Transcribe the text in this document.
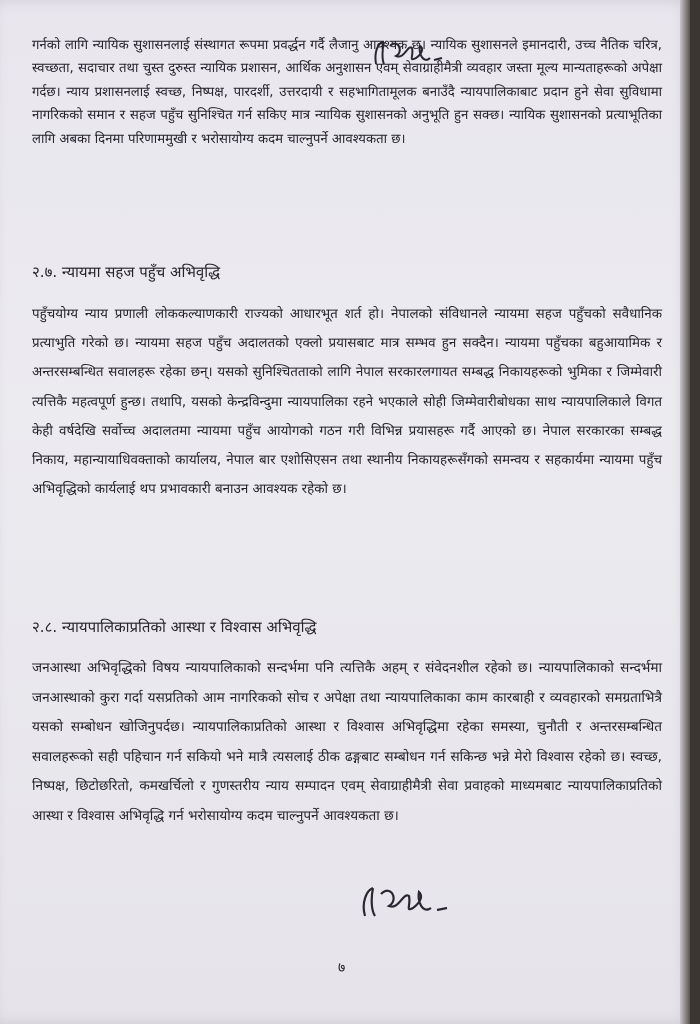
गर्नको लागि न्यायिक सुशासनलाई संस्थागत रूपमा प्रवर्द्धन गर्दै लैजानु आवश्यक छ। न्यायिक सुशासनले इमानदारी, उच्च नैतिक चरित्र, स्वच्छता, सदाचार तथा चुस्त दुरुस्त न्यायिक प्रशासन, आर्थिक अनुशासन एवम् सेवाग्राहीमैत्री व्यवहार जस्ता मूल्य मान्यताहरूको अपेक्षा गर्दछ। न्याय प्रशासनलाई स्वच्छ, निष्पक्ष, पारदर्शी, उत्तरदायी र सहभागितामूलक बनाउँदै न्यायपालिकाबाट प्रदान हुने सेवा सुविधामा नागरिकको समान र सहज पहुँच सुनिश्चित गर्न सकिए मात्र न्यायिक सुशासनको अनुभूति हुन सक्छ। न्यायिक सुशासनको प्रत्याभूतिका लागि अबका दिनमा परिणाममुखी र भरोसायोग्य कदम चाल्नुपर्ने आवश्यकता छ।
२.७. न्यायमा सहज पहुँच अभिवृद्धि
पहुँचयोग्य न्याय प्रणाली लोककल्याणकारी राज्यको आधारभूत शर्त हो। नेपालको संविधानले न्यायमा सहज पहुँचको सवैधानिक प्रत्याभुति गरेको छ। न्यायमा सहज पहुँच अदालतको एक्लो प्रयासबाट मात्र सम्भव हुन सक्दैन। न्यायमा पहुँचका बहुआयामिक र अन्तरसम्बन्धित सवालहरू रहेका छन्। यसको सुनिश्चितताको लागि नेपाल सरकारलगायत सम्बद्ध निकायहरूको भुमिका र जिम्मेवारी त्यत्तिकै महत्वपूर्ण हुन्छ। तथापि, यसको केन्द्रविन्दुमा न्यायपालिका रहने भएकाले सोही जिम्मेवारीबोधका साथ न्यायपालिकाले विगत केही वर्षदेखि सर्वोच्च अदालतमा न्यायमा पहुँच आयोगको गठन गरी विभिन्न प्रयासहरू गर्दै आएको छ। नेपाल सरकारका सम्बद्ध निकाय, महान्यायाधिवक्ताको कार्यालय, नेपाल बार एशोसिएसन तथा स्थानीय निकायहरूसँगको समन्वय र सहकार्यमा न्यायमा पहुँच अभिवृद्धिको कार्यलाई थप प्रभावकारी बनाउन आवश्यक रहेको छ।
२.८. न्यायपालिकाप्रतिको आस्था र विश्वास अभिवृद्धि
जनआस्था अभिवृद्धिको विषय न्यायपालिकाको सन्दर्भमा पनि त्यत्तिकै अहम् र संवेदनशील रहेको छ। न्यायपालिकाको सन्दर्भमा जनआस्थाको कुरा गर्दा यसप्रतिको आम नागरिकको सोच र अपेक्षा तथा न्यायपालिकाका काम कारबाही र व्यवहारको समग्रताभित्रै यसको सम्बोधन खोजिनुपर्दछ। न्यायपालिकाप्रतिको आस्था र विश्वास अभिवृद्धिमा रहेका समस्या, चुनौती र अन्तरसम्बन्धित सवालहरूको सही पहिचान गर्न सकियो भने मात्रै त्यसलाई ठीक ढङ्गबाट सम्बोधन गर्न सकिन्छ भन्ने मेरो विश्वास रहेको छ। स्वच्छ, निष्पक्ष, छिटोछरितो, कमखर्चिलो र गुणस्तरीय न्याय सम्पादन एवम् सेवाग्राहीमैत्री सेवा प्रवाहको माध्यमबाट न्यायपालिकाप्रतिको आस्था र विश्वास अभिवृद्धि गर्न भरोसायोग्य कदम चाल्नुपर्ने आवश्यकता छ।
७
